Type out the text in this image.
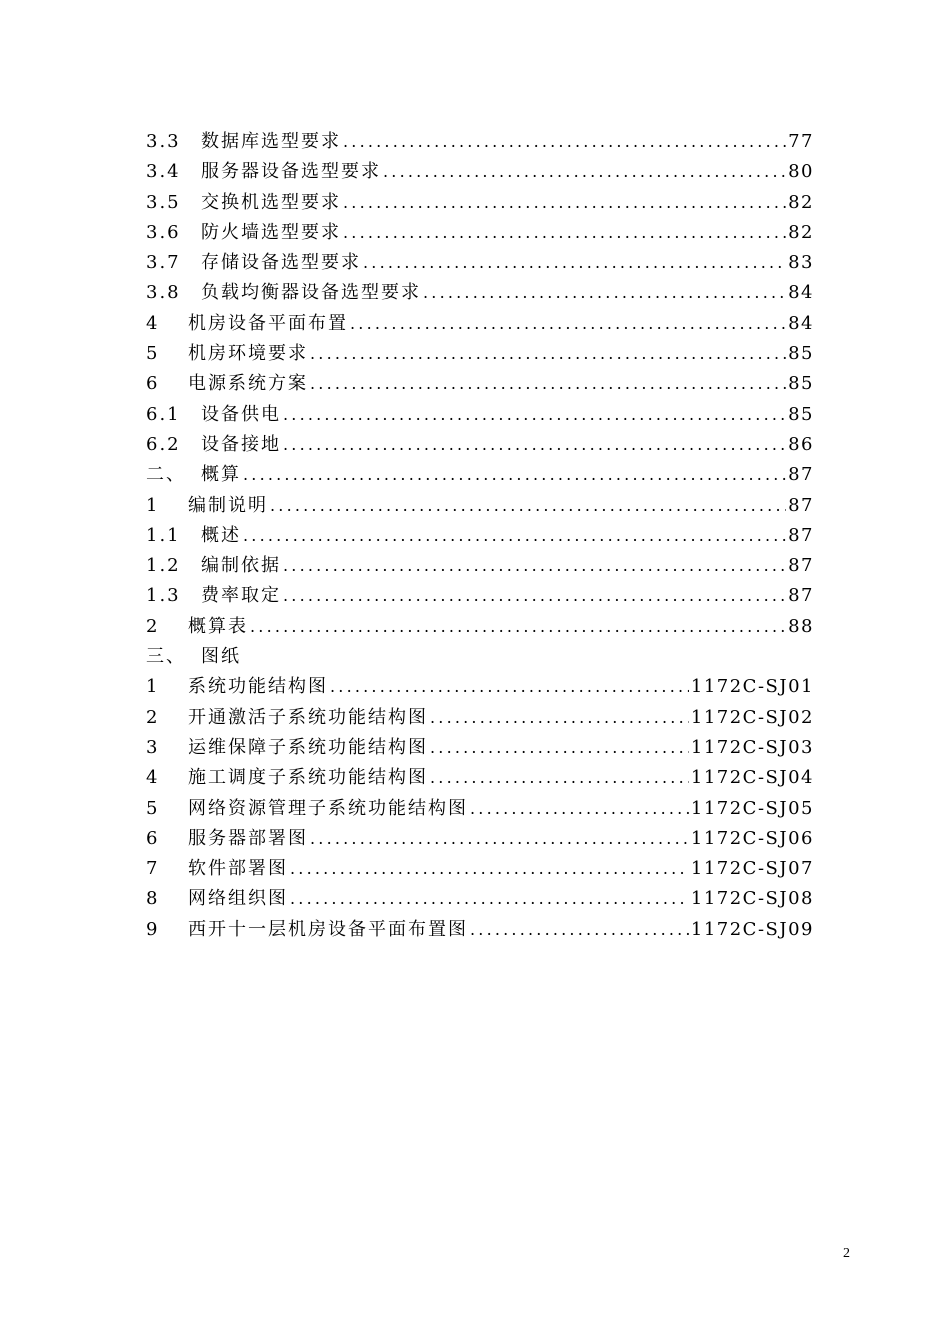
3.3	数据库选型要求 .....	77
3.4	服务器设备选型要求 .....	80
3.5	交换机选型要求 .....	82
3.6	防火墙选型要求 .....	82
3.7	存储设备选型要求 .....	83
3.8	负载均衡器设备选型要求 .....	84
4	机房设备平面布置 .....	84
5	机房环境要求 .....	85
6	电源系统方案 .....	85
6.1	设备供电 .....	85
6.2	设备接地 .....	86
二、 概算 .....	87
1	编制说明 .....	87
1.1	概述 .....	87
1.2	编制依据 .....	87
1.3	费率取定 .....	87
2	概算表 .....	88
三、 图纸
1	系统功能结构图 .....	1172C-SJ01
2	开通激活子系统功能结构图 .....	1172C-SJ02
3	运维保障子系统功能结构图 .....	1172C-SJ03
4	施工调度子系统功能结构图 .....	1172C-SJ04
5	网络资源管理子系统功能结构图 .....	1172C-SJ05
6	服务器部署图 .....	1172C-SJ06
7	软件部署图 .....	1172C-SJ07
8	网络组织图 .....	1172C-SJ08
9	西开十一层机房设备平面布置图 .....	1172C-SJ09
2
